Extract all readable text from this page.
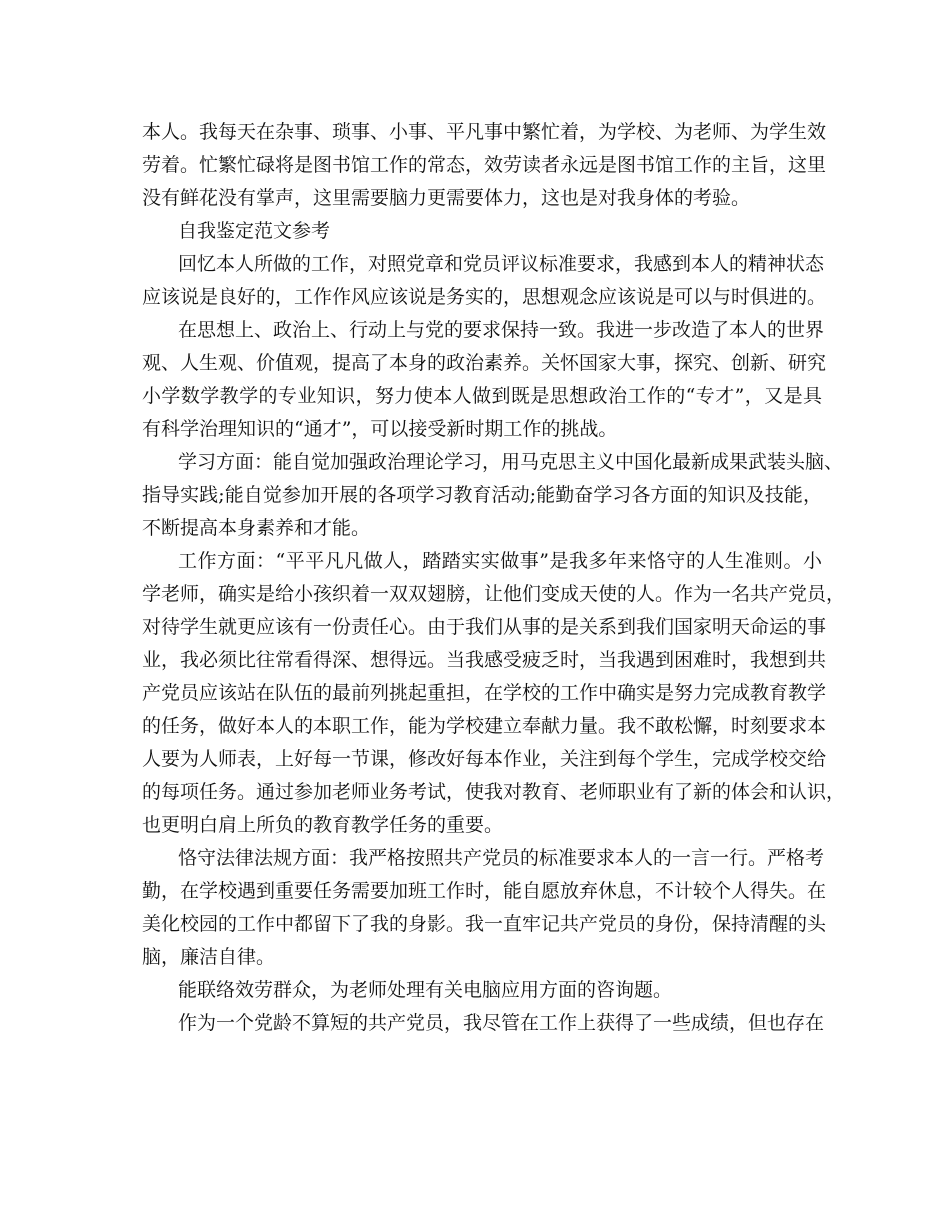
本人。我每天在杂事、琐事、小事、平凡事中繁忙着，为学校、为老师、为学生效
劳着。忙繁忙碌将是图书馆工作的常态，效劳读者永远是图书馆工作的主旨，这里
没有鲜花没有掌声，这里需要脑力更需要体力，这也是对我身体的考验。
自我鉴定范文参考
回忆本人所做的工作，对照党章和党员评议标准要求，我感到本人的精神状态
应该说是良好的，工作作风应该说是务实的，思想观念应该说是可以与时俱进的。
在思想上、政治上、行动上与党的要求保持一致。我进一步改造了本人的世界
观、人生观、价值观，提高了本身的政治素养。关怀国家大事，探究、创新、研究
小学数学教学的专业知识，努力使本人做到既是思想政治工作的“专才”，又是具
有科学治理知识的“通才”，可以接受新时期工作的挑战。
学习方面：能自觉加强政治理论学习，用马克思主义中国化最新成果武装头脑、
指导实践;能自觉参加开展的各项学习教育活动;能勤奋学习各方面的知识及技能，
不断提高本身素养和才能。
工作方面：“平平凡凡做人，踏踏实实做事”是我多年来恪守的人生准则。小
学老师，确实是给小孩织着一双双翅膀，让他们变成天使的人。作为一名共产党员，
对待学生就更应该有一份责任心。由于我们从事的是关系到我们国家明天命运的事
业，我必须比往常看得深、想得远。当我感受疲乏时，当我遇到困难时，我想到共
产党员应该站在队伍的最前列挑起重担，在学校的工作中确实是努力完成教育教学
的任务，做好本人的本职工作，能为学校建立奉献力量。我不敢松懈，时刻要求本
人要为人师表，上好每一节课，修改好每本作业，关注到每个学生，完成学校交给
的每项任务。通过参加老师业务考试，使我对教育、老师职业有了新的体会和认识，
也更明白肩上所负的教育教学任务的重要。
恪守法律法规方面：我严格按照共产党员的标准要求本人的一言一行。严格考
勤，在学校遇到重要任务需要加班工作时，能自愿放弃休息，不计较个人得失。在
美化校园的工作中都留下了我的身影。我一直牢记共产党员的身份，保持清醒的头
脑，廉洁自律。
能联络效劳群众，为老师处理有关电脑应用方面的咨询题。
作为一个党龄不算短的共产党员，我尽管在工作上获得了一些成绩，但也存在
